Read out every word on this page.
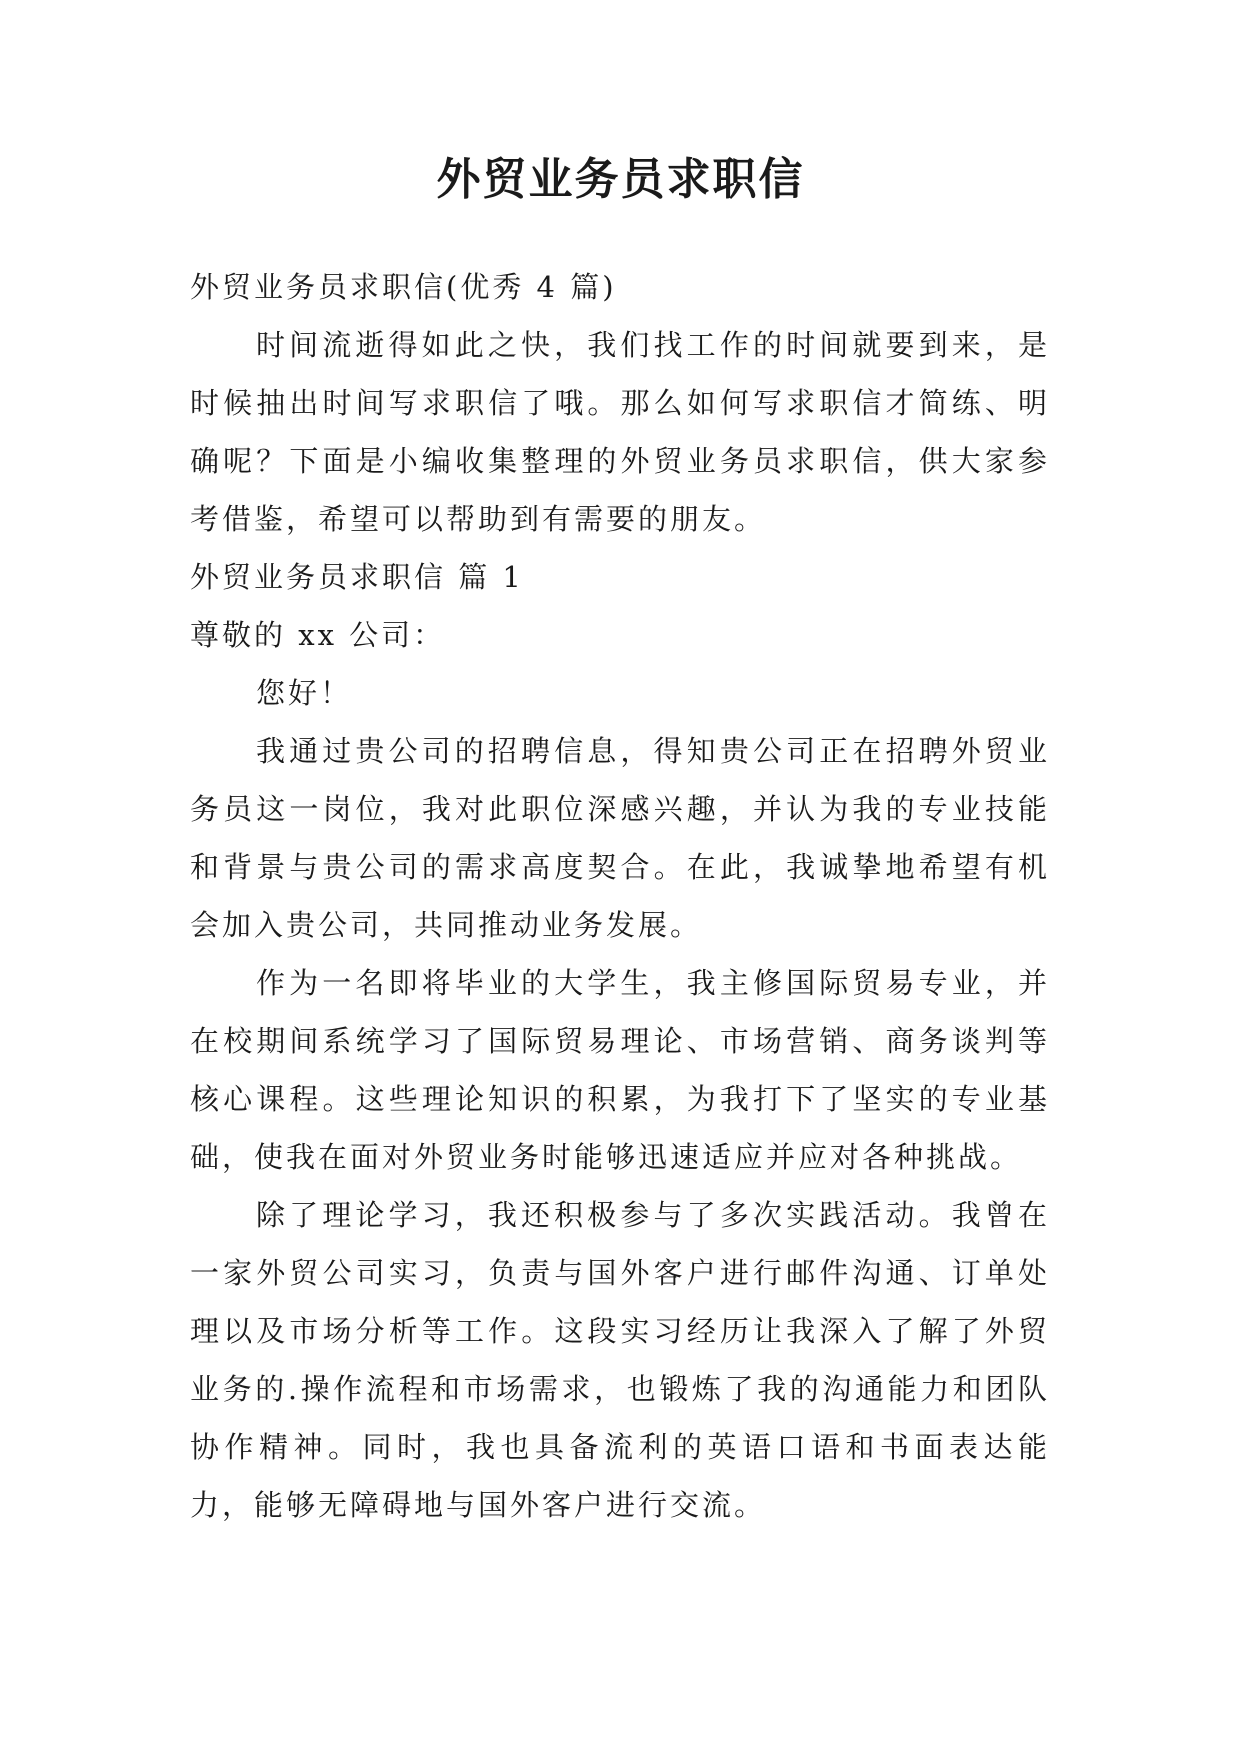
外贸业务员求职信

外贸业务员求职信(优秀 4 篇)

时间流逝得如此之快，我们找工作的时间就要到来，是时候抽出时间写求职信了哦。那么如何写求职信才简练、明确呢？下面是小编收集整理的外贸业务员求职信，供大家参考借鉴，希望可以帮助到有需要的朋友。

外贸业务员求职信 篇 1

尊敬的 xx 公司：

您好！

我通过贵公司的招聘信息，得知贵公司正在招聘外贸业务员这一岗位，我对此职位深感兴趣，并认为我的专业技能和背景与贵公司的需求高度契合。在此，我诚挚地希望有机会加入贵公司，共同推动业务发展。

作为一名即将毕业的大学生，我主修国际贸易专业，并在校期间系统学习了国际贸易理论、市场营销、商务谈判等核心课程。这些理论知识的积累，为我打下了坚实的专业基础，使我在面对外贸业务时能够迅速适应并应对各种挑战。

除了理论学习，我还积极参与了多次实践活动。我曾在一家外贸公司实习，负责与国外客户进行邮件沟通、订单处理以及市场分析等工作。这段实习经历让我深入了解了外贸业务的.操作流程和市场需求，也锻炼了我的沟通能力和团队协作精神。同时，我也具备流利的英语口语和书面表达能力，能够无障碍地与国外客户进行交流。
